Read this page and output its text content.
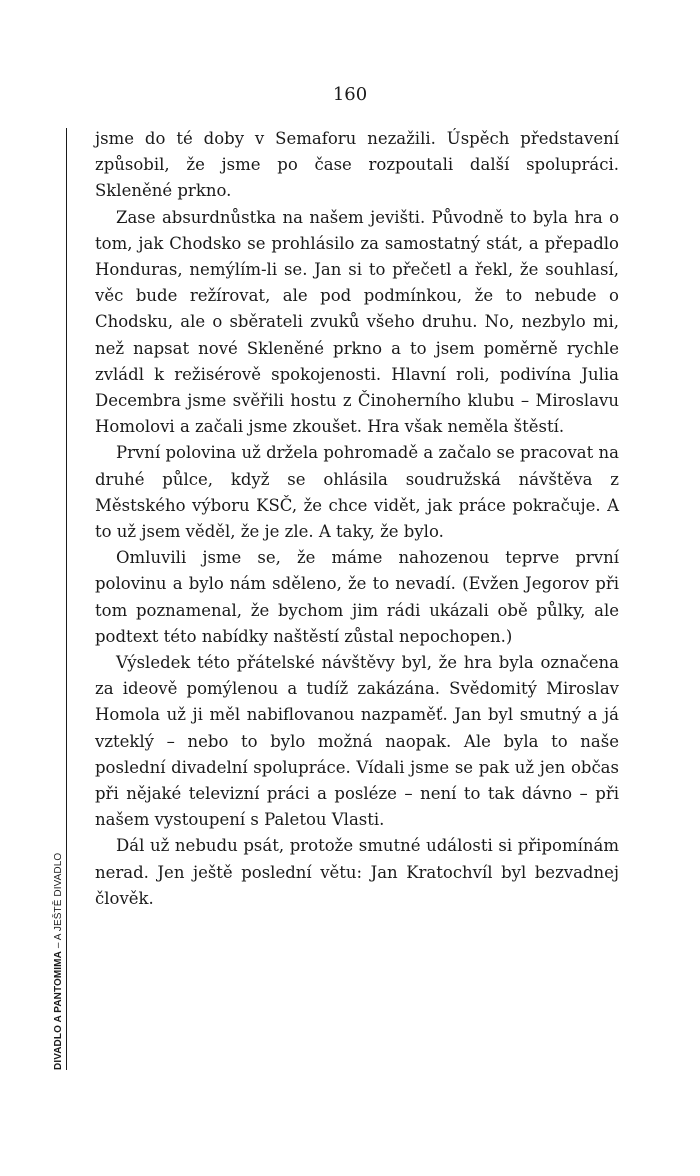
160
DIVADLO A PANTOMIMA – A JEŠTĚ DIVADLO

jsme do té doby v Semaforu nezažili. Úspěch představení způsobil, že jsme po čase rozpoutali další spolupráci. Skleněné prkno.

Zase absurdnůstka na našem jevišti. Původně to byla hra o tom, jak Chodsko se prohlásilo za samostatný stát, a přepadlo Honduras, nemýlím-li se. Jan si to přečetl a řekl, že souhlasí, věc bude režírovat, ale pod podmínkou, že to nebude o Chodsku, ale o sběrateli zvuků všeho druhu. No, nezbylo mi, než napsat nové Skleněné prkno a to jsem poměrně rychle zvládl k režisérově spokojenosti. Hlavní roli, podivína Julia Decembra jsme svěřili hostu z Činoherního klubu – Miroslavu Homolovi a začali jsme zkoušet. Hra však neměla štěstí.

První polovina už držela pohromadě a začalo se pracovat na druhé půlce, když se ohlásila soudružská návštěva z Městského výboru KSČ, že chce vidět, jak práce pokračuje. A to už jsem věděl, že je zle. A taky, že bylo.

Omluvili jsme se, že máme nahozenou teprve první polovinu a bylo nám sděleno, že to nevadí. (Evžen Jegorov při tom poznamenal, že bychom jim rádi ukázali obě půlky, ale podtext této nabídky naštěstí zůstal nepochopen.)

Výsledek této přátelské návštěvy byl, že hra byla označena za ideově pomýlenou a tudíž zakázána. Svědomitý Miroslav Homola už ji měl nabiflovanou nazpaměť. Jan byl smutný a já vzteklý – nebo to bylo možná naopak. Ale byla to naše poslední divadelní spolupráce. Vídali jsme se pak už jen občas při nějaké televizní práci a posléze – není to tak dávno – při našem vystoupení s Paletou Vlasti.

Dál už nebudu psát, protože smutné události si připomínám nerad. Jen ještě poslední větu: Jan Kratochvíl byl bezvadnej člověk.
